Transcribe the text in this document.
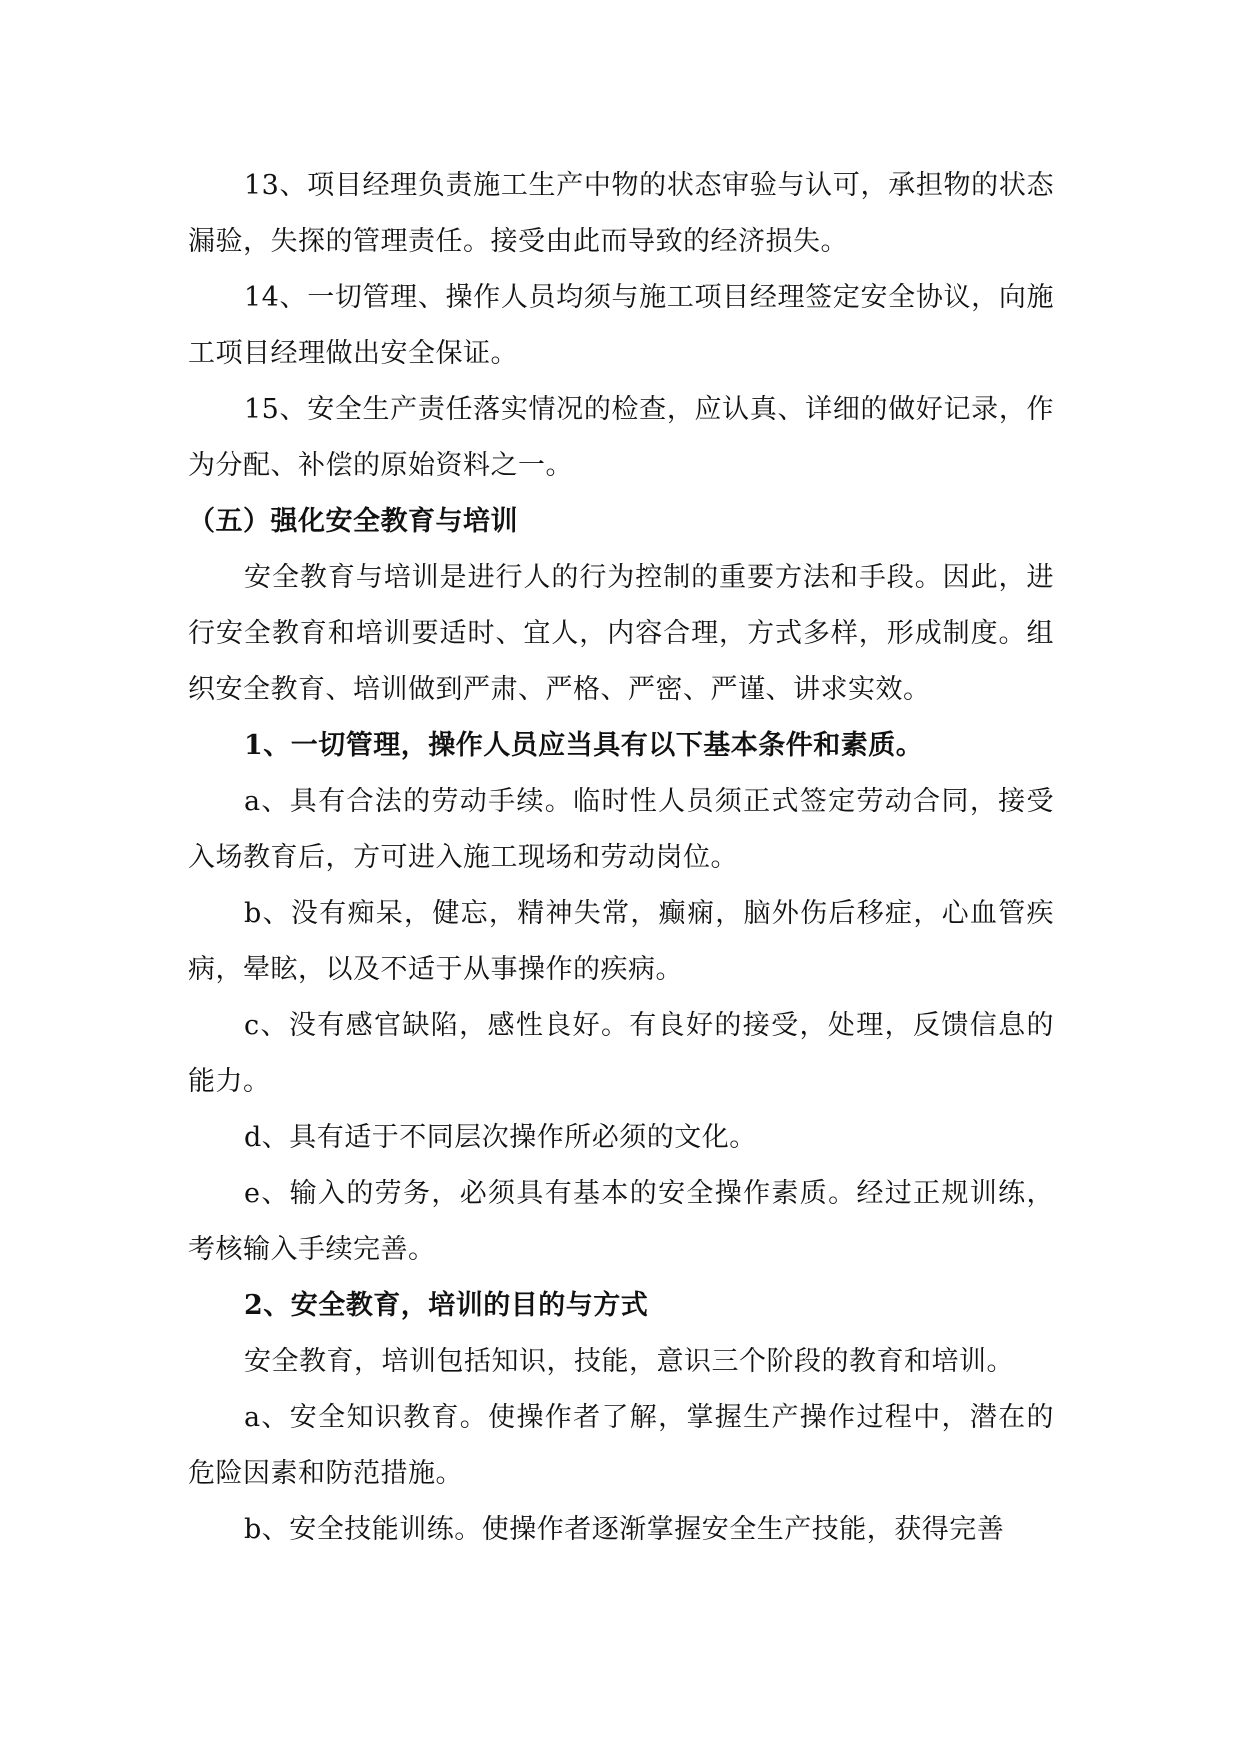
13、项目经理负责施工生产中物的状态审验与认可，承担物的状态漏验，失探的管理责任。接受由此而导致的经济损失。

14、一切管理、操作人员均须与施工项目经理签定安全协议，向施工项目经理做出安全保证。

15、安全生产责任落实情况的检查，应认真、详细的做好记录，作为分配、补偿的原始资料之一。

（五）强化安全教育与培训

安全教育与培训是进行人的行为控制的重要方法和手段。因此，进行安全教育和培训要适时、宜人，内容合理，方式多样，形成制度。组织安全教育、培训做到严肃、严格、严密、严谨、讲求实效。

1、一切管理，操作人员应当具有以下基本条件和素质。

a、具有合法的劳动手续。临时性人员须正式签定劳动合同，接受入场教育后，方可进入施工现场和劳动岗位。

b、没有痴呆，健忘，精神失常，癫痫，脑外伤后移症，心血管疾病，晕眩，以及不适于从事操作的疾病。

c、没有感官缺陷，感性良好。有良好的接受，处理，反馈信息的能力。

d、具有适于不同层次操作所必须的文化。

e、输入的劳务，必须具有基本的安全操作素质。经过正规训练，考核输入手续完善。

2、安全教育，培训的目的与方式

安全教育，培训包括知识，技能，意识三个阶段的教育和培训。

a、安全知识教育。使操作者了解，掌握生产操作过程中，潜在的危险因素和防范措施。

b、安全技能训练。使操作者逐渐掌握安全生产技能，获得完善
